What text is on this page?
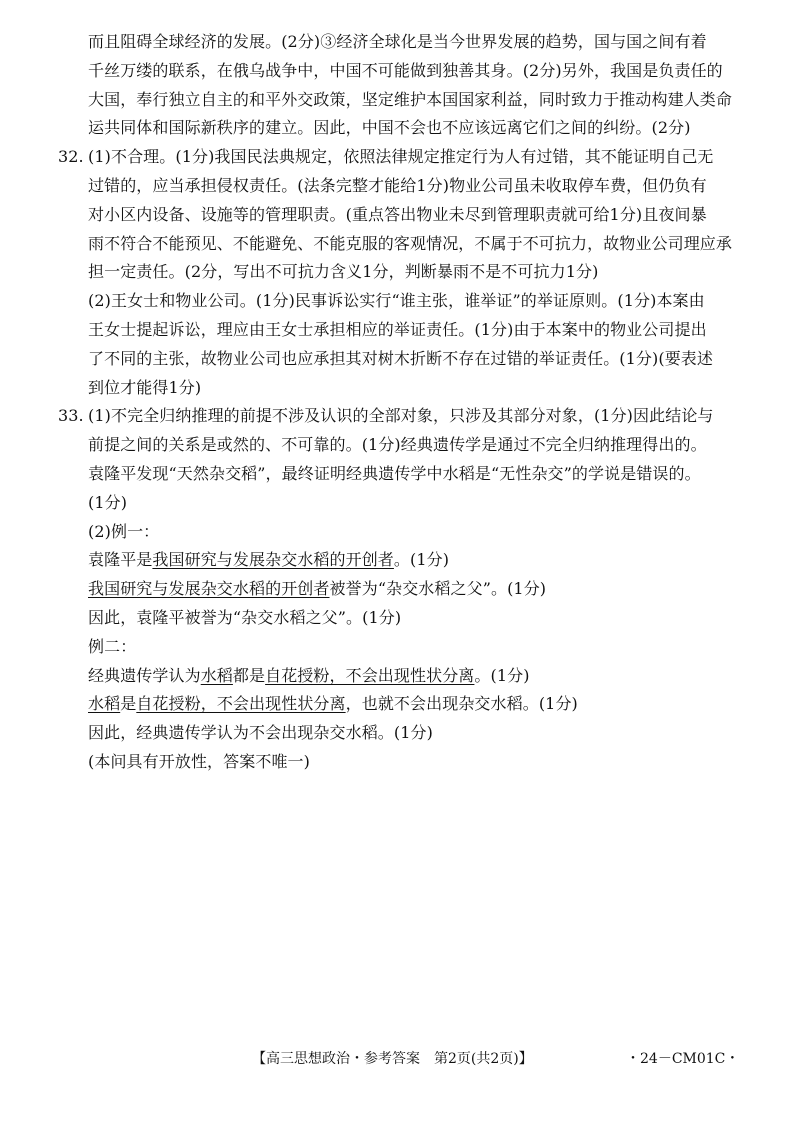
而且阻碍全球经济的发展。(2分)③经济全球化是当今世界发展的趋势，国与国之间有着
千丝万缕的联系，在俄乌战争中，中国不可能做到独善其身。(2分)另外，我国是负责任的
大国，奉行独立自主的和平外交政策，坚定维护本国国家利益，同时致力于推动构建人类命
运共同体和国际新秩序的建立。因此，中国不会也不应该远离它们之间的纠纷。(2分)
32. (1)不合理。(1分)我国民法典规定，依照法律规定推定行为人有过错，其不能证明自己无
过错的，应当承担侵权责任。(法条完整才能给1分)物业公司虽未收取停车费，但仍负有
对小区内设备、设施等的管理职责。(重点答出物业未尽到管理职责就可给1分)且夜间暴
雨不符合不能预见、不能避免、不能克服的客观情况，不属于不可抗力，故物业公司理应承
担一定责任。(2分，写出不可抗力含义1分，判断暴雨不是不可抗力1分)
(2)王女士和物业公司。(1分)民事诉讼实行“谁主张，谁举证”的举证原则。(1分)本案由
王女士提起诉讼，理应由王女士承担相应的举证责任。(1分)由于本案中的物业公司提出
了不同的主张，故物业公司也应承担其对树木折断不存在过错的举证责任。(1分)(要表述
到位才能得1分)
33. (1)不完全归纳推理的前提不涉及认识的全部对象，只涉及其部分对象，(1分)因此结论与
前提之间的关系是或然的、不可靠的。(1分)经典遗传学是通过不完全归纳推理得出的。
袁隆平发现“天然杂交稻”，最终证明经典遗传学中水稻是“无性杂交”的学说是错误的。
(1分)
(2)例一：
袁隆平是我国研究与发展杂交水稻的开创者。(1分)
我国研究与发展杂交水稻的开创者被誉为“杂交水稻之父”。(1分)
因此，袁隆平被誉为“杂交水稻之父”。(1分)
例二：
经典遗传学认为水稻都是自花授粉，不会出现性状分离。(1分)
水稻是自花授粉，不会出现性状分离，也就不会出现杂交水稻。(1分)
因此，经典遗传学认为不会出现杂交水稻。(1分)
(本问具有开放性，答案不唯一)
【高三思想政治・参考答案　第2页(共2页)】	・24－CM01C・
